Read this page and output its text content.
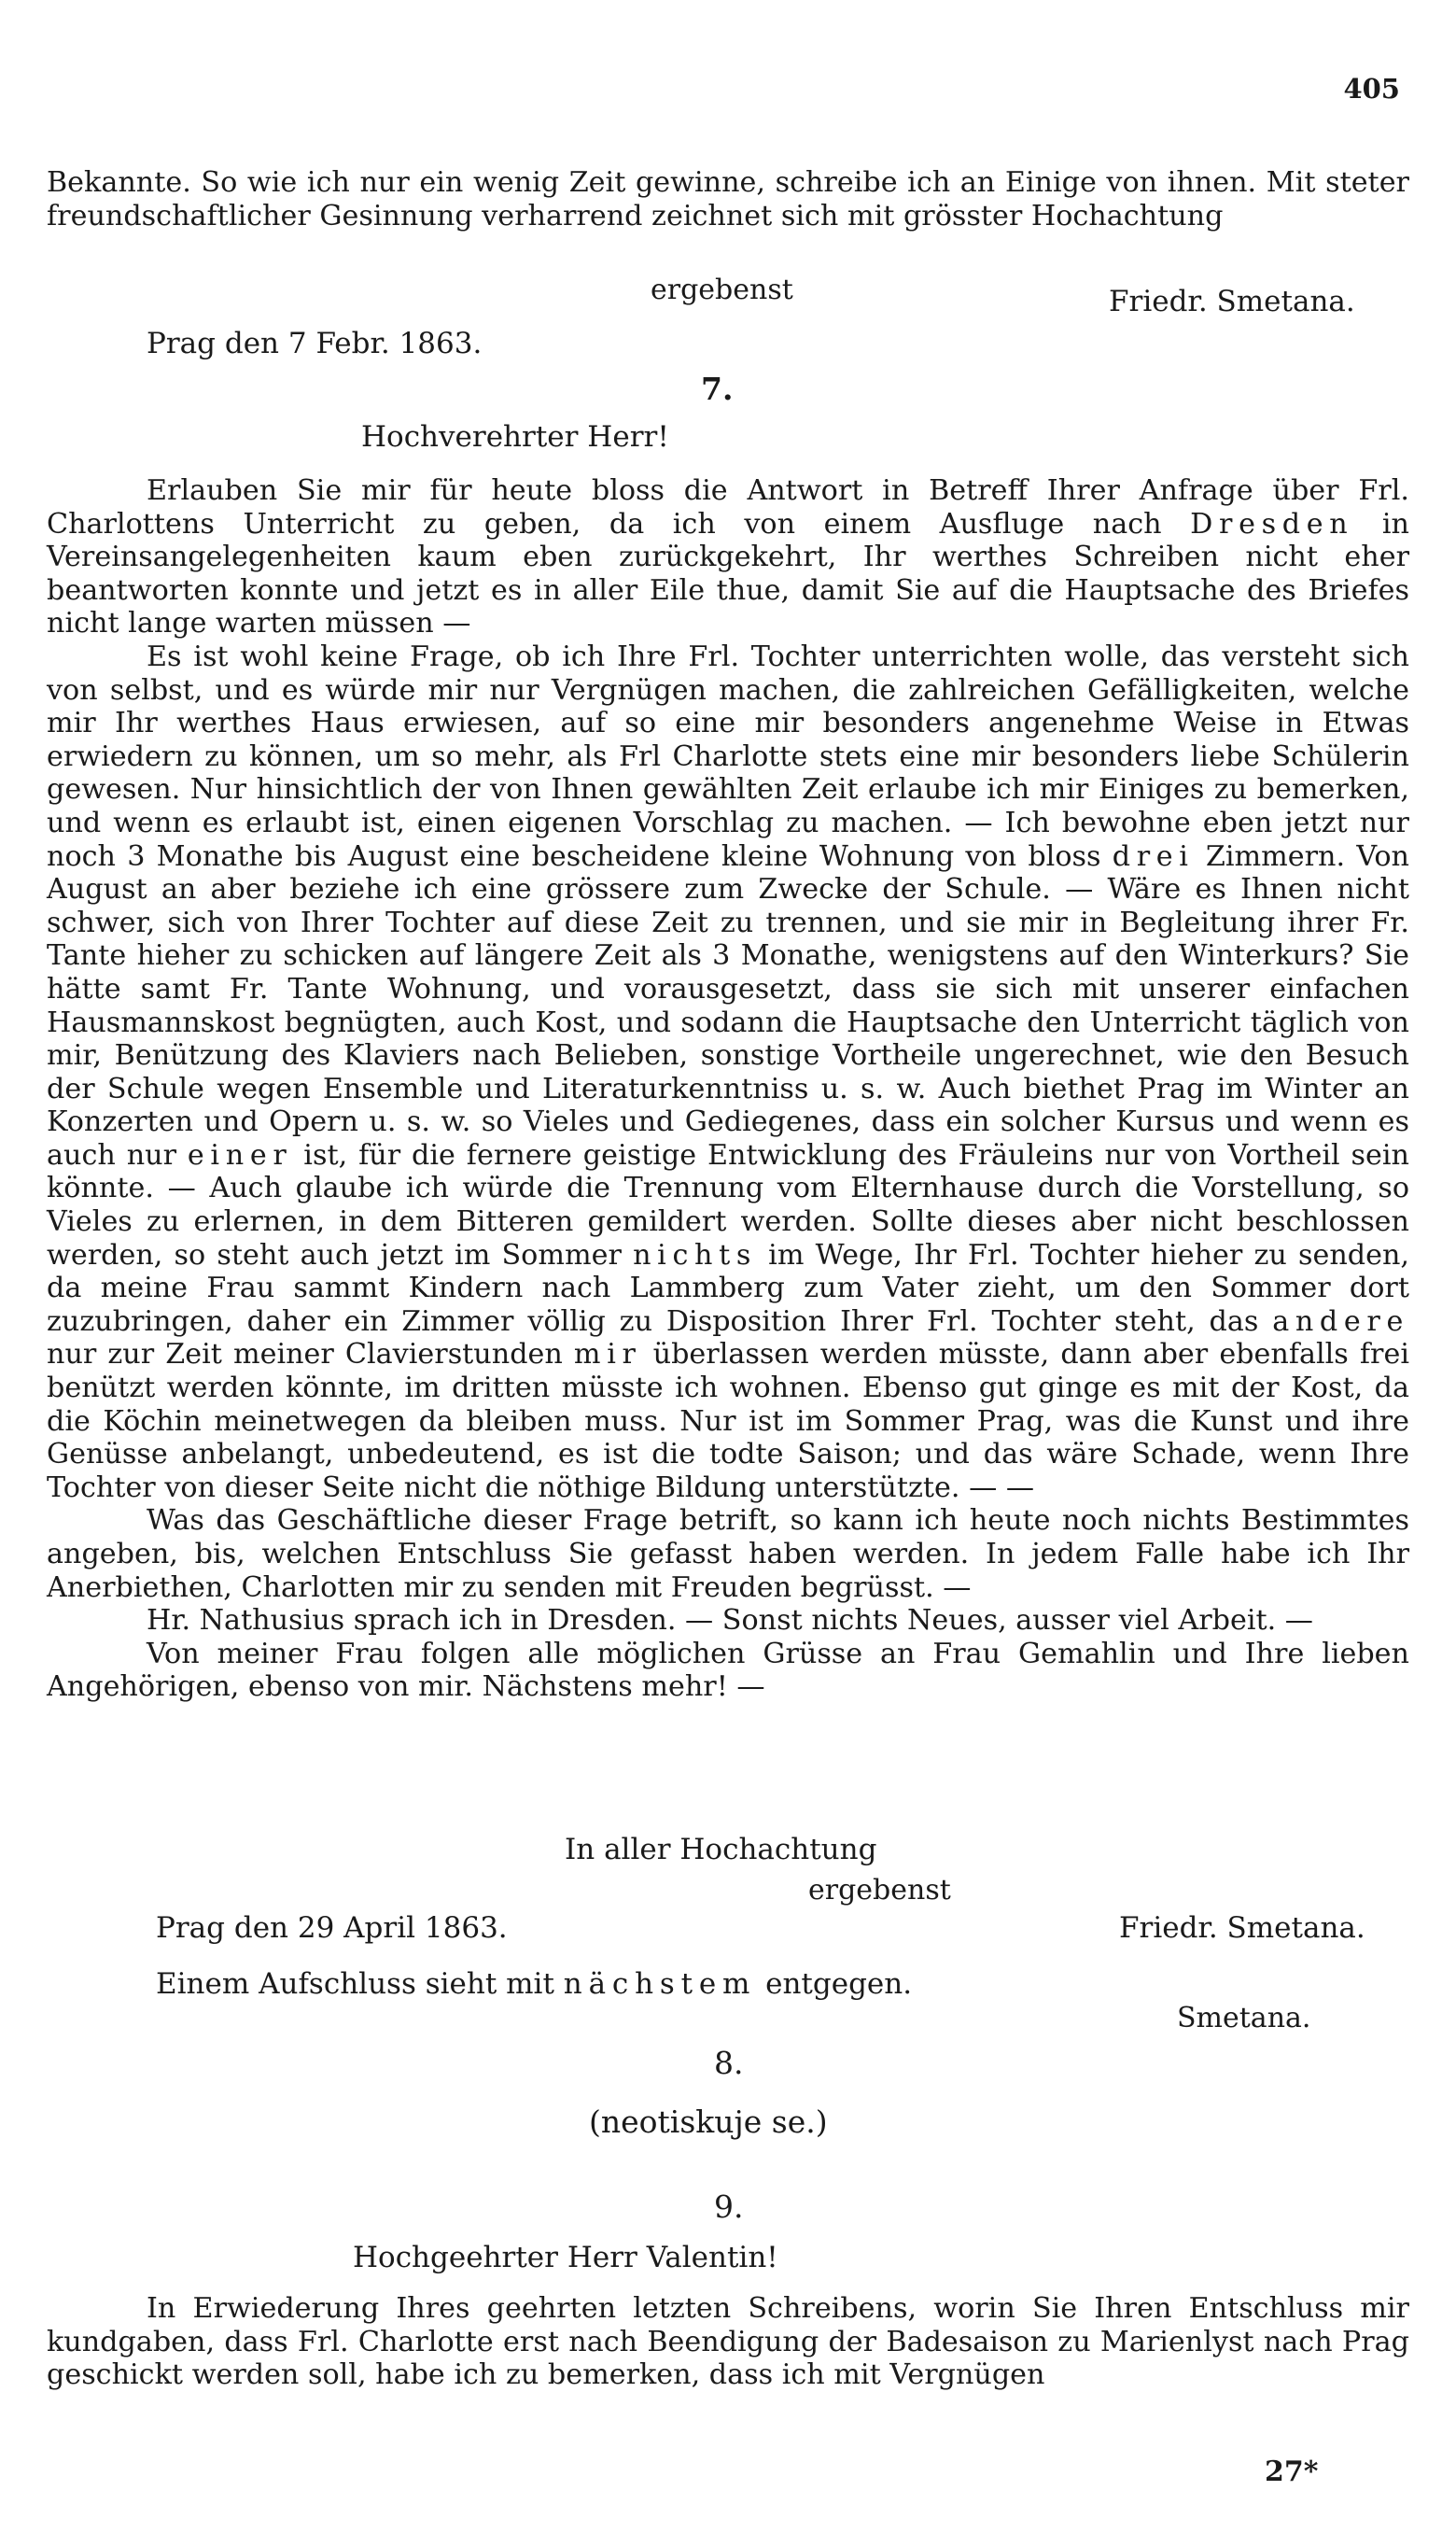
405

Bekannte. So wie ich nur ein wenig Zeit gewinne, schreibe ich an Einige von ihnen. Mit steter freundschaftlicher Gesinnung verharrend zeichnet sich mit grösster Hochachtung

ergebenst	Friedr. Smetana.
Prag den 7 Febr. 1863.
7.
Hochverehrter Herr!

Erlauben Sie mir für heute bloss die Antwort in Betreff Ihrer Anfrage über Frl. Charlottens Unterricht zu geben, da ich von einem Ausfluge nach Dresden in Vereinsangelegenheiten kaum eben zurückgekehrt, Ihr werthes Schreiben nicht eher beantworten konnte und jetzt es in aller Eile thue, damit Sie auf die Hauptsache des Briefes nicht lange warten müssen —

Es ist wohl keine Frage, ob ich Ihre Frl. Tochter unterrichten wolle, das versteht sich von selbst, und es würde mir nur Vergnügen machen, die zahlreichen Gefälligkeiten, welche mir Ihr werthes Haus erwiesen, auf so eine mir besonders angenehme Weise in Etwas erwiedern zu können, um so mehr, als Frl Charlotte stets eine mir besonders liebe Schülerin gewesen. Nur hinsichtlich der von Ihnen gewählten Zeit erlaube ich mir Einiges zu bemerken, und wenn es erlaubt ist, einen eigenen Vorschlag zu machen. — Ich bewohne eben jetzt nur noch 3 Monathe bis August eine bescheidene kleine Wohnung von bloss drei Zimmern. Von August an aber beziehe ich eine grössere zum Zwecke der Schule. — Wäre es Ihnen nicht schwer, sich von Ihrer Tochter auf diese Zeit zu trennen, und sie mir in Begleitung ihrer Fr. Tante hieher zu schicken auf längere Zeit als 3 Monathe, wenigstens auf den Winterkurs? Sie hätte samt Fr. Tante Wohnung, und vorausgesetzt, dass sie sich mit unserer einfachen Hausmannskost begnügten, auch Kost, und sodann die Hauptsache den Unterricht täglich von mir, Benützung des Klaviers nach Belieben, sonstige Vortheile ungerechnet, wie den Besuch der Schule wegen Ensemble und Literaturkenntniss u. s. w. Auch biethet Prag im Winter an Konzerten und Opern u. s. w. so Vieles und Gediegenes, dass ein solcher Kursus und wenn es auch nur einer ist, für die fernere geistige Entwicklung des Fräuleins nur von Vortheil sein könnte. — Auch glaube ich würde die Trennung vom Elternhause durch die Vorstellung, so Vieles zu erlernen, in dem Bitteren gemildert werden. Sollte dieses aber nicht beschlossen werden, so steht auch jetzt im Sommer nichts im Wege, Ihr Frl. Tochter hieher zu senden, da meine Frau sammt Kindern nach Lammberg zum Vater zieht, um den Sommer dort zuzubringen, daher ein Zimmer völlig zu Disposition Ihrer Frl. Tochter steht, das andere nur zur Zeit meiner Clavierstunden mir überlassen werden müsste, dann aber ebenfalls frei benützt werden könnte, im dritten müsste ich wohnen. Ebenso gut ginge es mit der Kost, da die Köchin meinetwegen da bleiben muss. Nur ist im Sommer Prag, was die Kunst und ihre Genüsse anbelangt, unbedeutend, es ist die todte Saison; und das wäre Schade, wenn Ihre Tochter von dieser Seite nicht die nöthige Bildung unterstützte. — —

Was das Geschäftliche dieser Frage betrift, so kann ich heute noch nichts Bestimmtes angeben, bis, welchen Entschluss Sie gefasst haben werden. In jedem Falle habe ich Ihr Anerbiethen, Charlotten mir zu senden mit Freuden begrüsst. —

Hr. Nathusius sprach ich in Dresden. — Sonst nichts Neues, ausser viel Arbeit. —

Von meiner Frau folgen alle möglichen Grüsse an Frau Gemahlin und Ihre lieben Angehörigen, ebenso von mir. Nächstens mehr! —

In aller Hochachtung
ergebenst
Prag den 29 April 1863.	Friedr. Smetana.
Einem Aufschluss sieht mit nächstem entgegen.
Smetana.
8.
(neotiskuje se.)
9.
Hochgeehrter Herr Valentin!

In Erwiederung Ihres geehrten letzten Schreibens, worin Sie Ihren Entschluss mir kundgaben, dass Frl. Charlotte erst nach Beendigung der Badesaison zu Marienlyst nach Prag geschickt werden soll, habe ich zu bemerken, dass ich mit Vergnügen

27*
